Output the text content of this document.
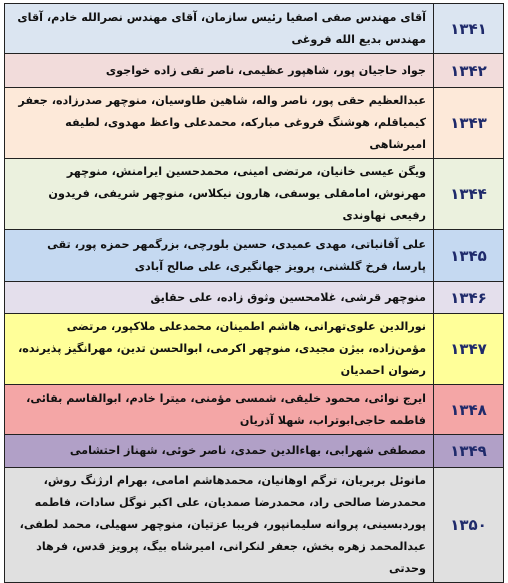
۱۳۴۱	آقای مهندس صفی اصفیا رئیس سازمان، آقای مهندس نصرالله خادم، آقای مهندس بدیع الله فروغی
۱۳۴۲	جواد حاجیان پور، شاهپور عظیمی، ناصر تقی زاده خواجوی
۱۳۴۳	عبدالعظیم حقی پور، ناصر واله، شاهین طاوسیان، منوچهر صدرزاده، جعفر کیمیاقلم، هوشنگ فروغی مبارکه، محمدعلی واعظ مهدوی، لطیفه امیرشاهی
۱۳۴۴	ویگن عیسی خانیان، مرتضی امینی، محمدحسین ایرامنش، منوچهر مهرنوش، امامقلی یوسفی، هارون نیکلاس، منوچهر شریفی، فریدون رفیعی نهاوندی
۱۳۴۵	علی آقانباتی، مهدی عمیدی، حسین بلورچی، بزرگمهر حمزه پور، تقی پارسا، فرخ گلشنی، پرویز جهانگیری، علی صالح آبادی
۱۳۴۶	منوچهر قرشی، غلامحسین وثوق زاده، علی حقایق
۱۳۴۷	نورالدین علوی‌تهرانی، هاشم اطمینان، محمدعلی ملاکپور، مرتضی مؤمن‌زاده، بیژن مجیدی، منوچهر اکرمی، ابوالحسن تدین، مهرانگیز پذیرنده، رضوان احمدیان
۱۳۴۸	ایرج نوائی، محمود خلیقی، شمسی مؤمنی، میترا خادم، ابوالقاسم بقائی، فاطمه حاجی‌ابوتراب، شهلا آذریان
۱۳۴۹	مصطفی شهرابی، بهاءالدین حمدی، ناصر خوئی، شهناز احتشامی
۱۳۵۰	مانوئل بربریان، ترگم اوهانیان، محمدهاشم امامی، بهرام ارژنگ روش، محمدرضا صالحی راد، محمدرضا صمدیان، علی اکبر نوگل سادات، فاطمه پوردبسینی، پروانه سلیمانپور، فریبا عزتیان، منوچهر سهیلی، محمد لطفی، عبدالمحمد زهره بخش، جعفر لنکرانی، امیرشاه بیگ، پرویز قدس، فرهاد وحدتی
